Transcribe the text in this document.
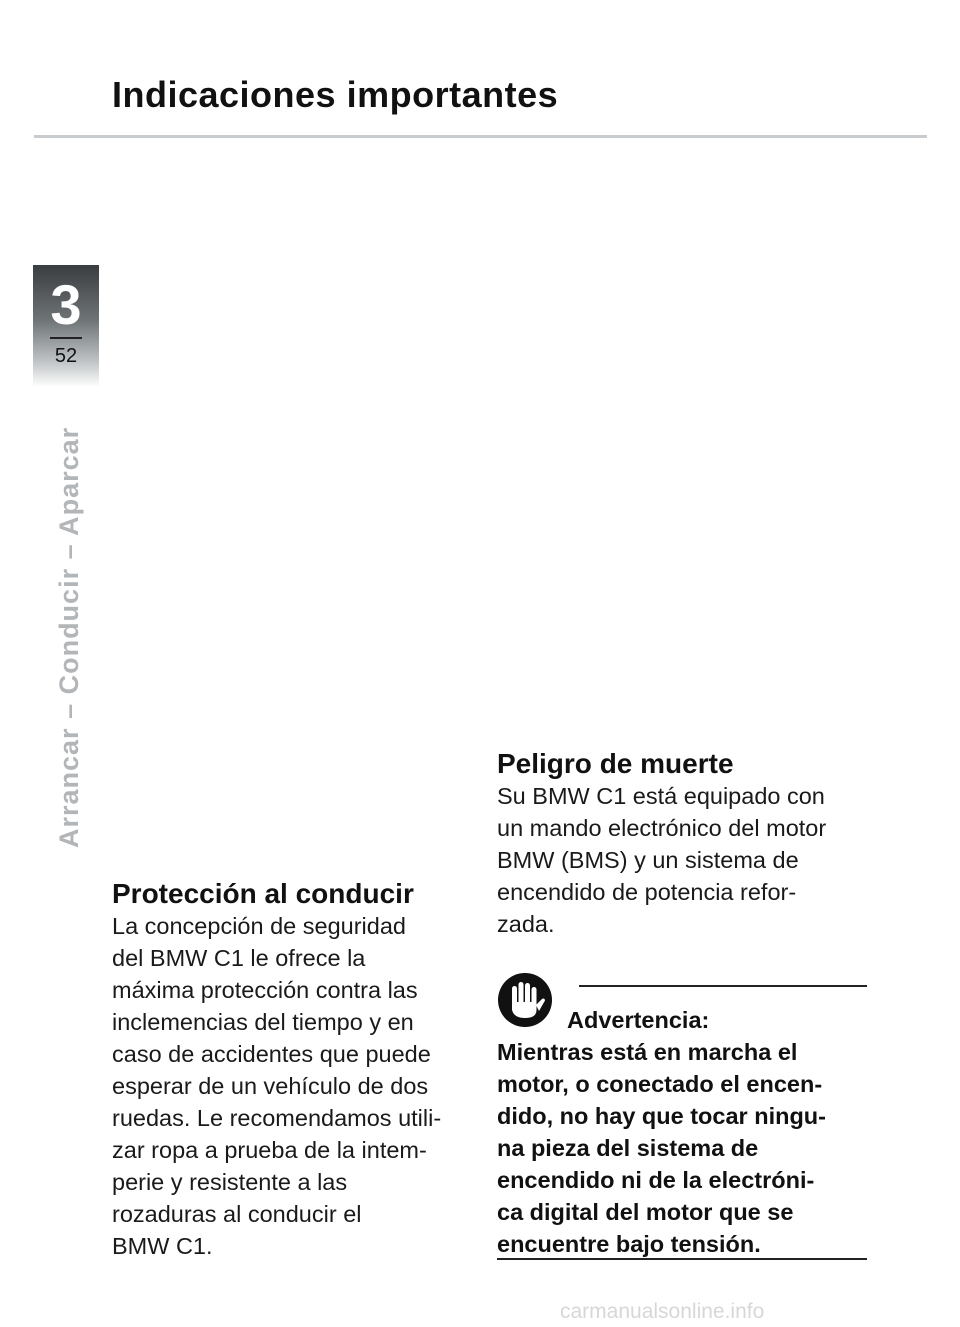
Indicaciones importantes
3
52
Arrancar – Conducir – Aparcar
Protección al conducir

La concepción de seguridad
del BMW C1 le ofrece la
máxima protección contra las
inclemencias del tiempo y en
caso de accidentes que puede
esperar de un vehículo de dos
ruedas. Le recomendamos utili-
zar ropa a prueba de la intem-
perie y resistente a las
rozaduras al conducir el
BMW C1.

Peligro de muerte

Su BMW C1 está equipado con
un mando electrónico del motor
BMW (BMS) y un sistema de
encendido de potencia refor-
zada.

Advertencia:

Mientras está en marcha el
motor, o conectado el encen-
dido, no hay que tocar ningu-
na pieza del sistema de
encendido ni de la electróni-
ca digital del motor que se
encuentre bajo tensión.

carmanualsonline.info
